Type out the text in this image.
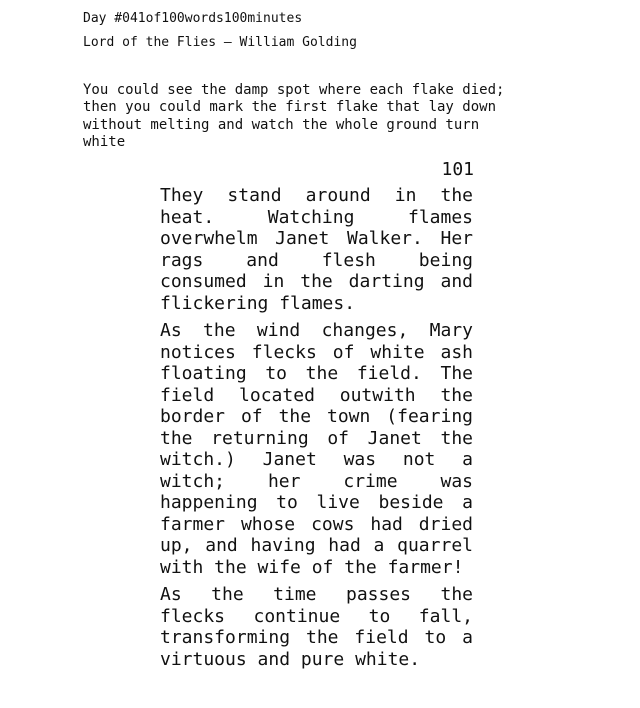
Day #041of100words100minutes
Lord of the Flies – William Golding
You could see the damp spot where each flake died;
then you could mark the first flake that lay down
without melting and watch the whole ground turn
white
101

They stand around in the heat. Watching flames overwhelm Janet Walker. Her rags and flesh being consumed in the darting and flickering flames.

As the wind changes, Mary notices flecks of white ash floating to the field. The field located outwith the border of the town (fearing the returning of Janet the witch.) Janet was not a witch; her crime was happening to live beside a farmer whose cows had dried up, and having had a quarrel with the wife of the farmer!

As the time passes the flecks continue to fall, transforming the field to a virtuous and pure white.
